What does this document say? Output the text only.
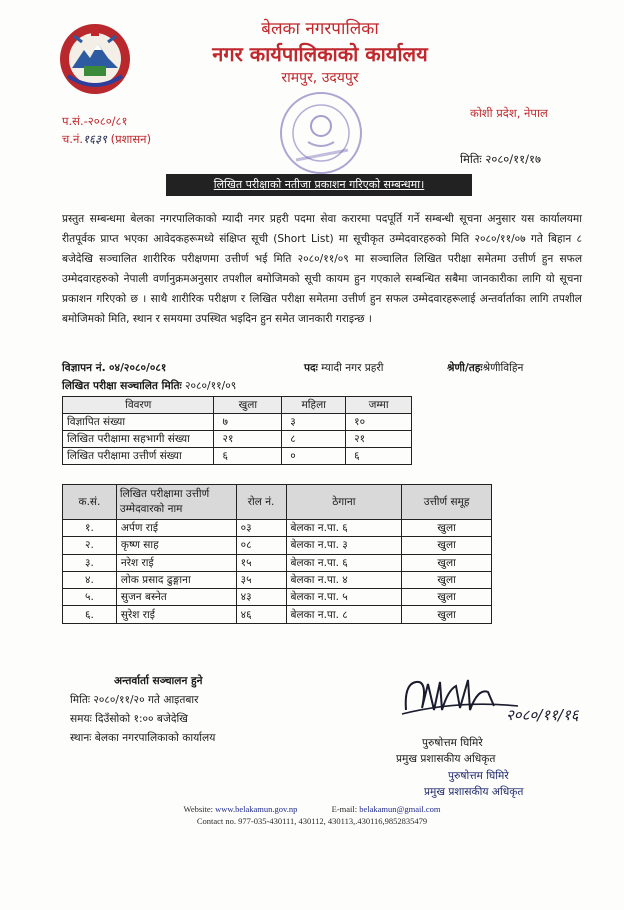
बेलका नगरपालिका
नगर कार्यपालिकाको कार्यालय
रामपुर, उदयपुर
प.सं.-२०८०/८१
च.नं.१६३९ (प्रशासन)
कोशी प्रदेश, नेपाल
मितिः २०८०/११/१७
लिखित परीक्षाको नतीजा प्रकाशन गरिएको सम्बन्धमा।
प्रस्तुत सम्बन्धमा बेलका नगरपालिकाको म्यादी नगर प्रहरी पदमा सेवा करारमा पदपूर्ति गर्ने सम्बन्धी सूचना अनुसार यस कार्यालयमा रीतपूर्वक प्राप्त भएका आवेदकहरूमध्ये संक्षिप्त सूची (Short List) मा सूचीकृत उम्मेदवारहरुको मिति २०८०/११/०७ गते बिहान ८ बजेदेखि सञ्चालित शारीरिक परीक्षणमा उत्तीर्ण भई मिति २०८०/११/०९ मा सञ्चालित लिखित परीक्षा समेतमा उत्तीर्ण हुन सफल उम्मेदवारहरुको नेपाली वर्णानुक्रमअनुसार तपशील बमोजिमको सूची कायम हुन गएकाले सम्बन्धित सबैमा जानकारीका लागि यो सूचना प्रकाशन गरिएको छ । साथै शारीरिक परीक्षण र लिखित परीक्षा समेतमा उत्तीर्ण हुन सफल उम्मेदवारहरूलाई अन्तर्वार्ताका लागि तपशील बमोजिमको मिति, स्थान र समयमा उपस्थित भइदिन हुन समेत जानकारी गराइन्छ ।
विज्ञापन नं. ०४/२०८०/०८१	पदः म्यादी नगर प्रहरी	श्रेणी/तहःश्रेणीविहिन
लिखित परीक्षा सञ्चालित मितिः २०८०/११/०९
विवरण	खुला	महिला	जम्मा
विज्ञापित संख्या	७	३	१०
लिखित परीक्षामा सहभागी संख्या	२१	८	२१
लिखित परीक्षामा उत्तीर्ण संख्या	६	०	६
क.सं.	लिखित परीक्षामा उत्तीर्ण उम्मेदवारको नाम	रोल नं.	ठेगाना	उत्तीर्ण समूह
१.	अर्पण राई	०३	बेलका न.पा. ६	खुला
२.	कृष्ण साह	०८	बेलका न.पा. ३	खुला
३.	नरेश राई	१५	बेलका न.पा. ६	खुला
४.	लोक प्रसाद ढुङ्गाना	३५	बेलका न.पा. ४	खुला
५.	सुजन बस्नेत	४३	बेलका न.पा. ५	खुला
६.	सुरेश राई	४६	बेलका न.पा. ८	खुला
अन्तर्वार्ता सञ्चालन हुने
मितिः २०८०/११/२० गते आइतबार
समयः दिउँसोको १:०० बजेदेखि
स्थानः बेलका नगरपालिकाको कार्यालय
२०८०/११/१६
पुरुषोत्तम घिमिरे
प्रमुख प्रशासकीय अधिकृत
पुरुषोत्तम घिमिरे
प्रमुख प्रशासकीय अधिकृत
Website: www.belakamun.gov.np	E-mail: belakamun@gmail.com
Contact no. 977-035-430111, 430112, 430113,.430116,9852835479
